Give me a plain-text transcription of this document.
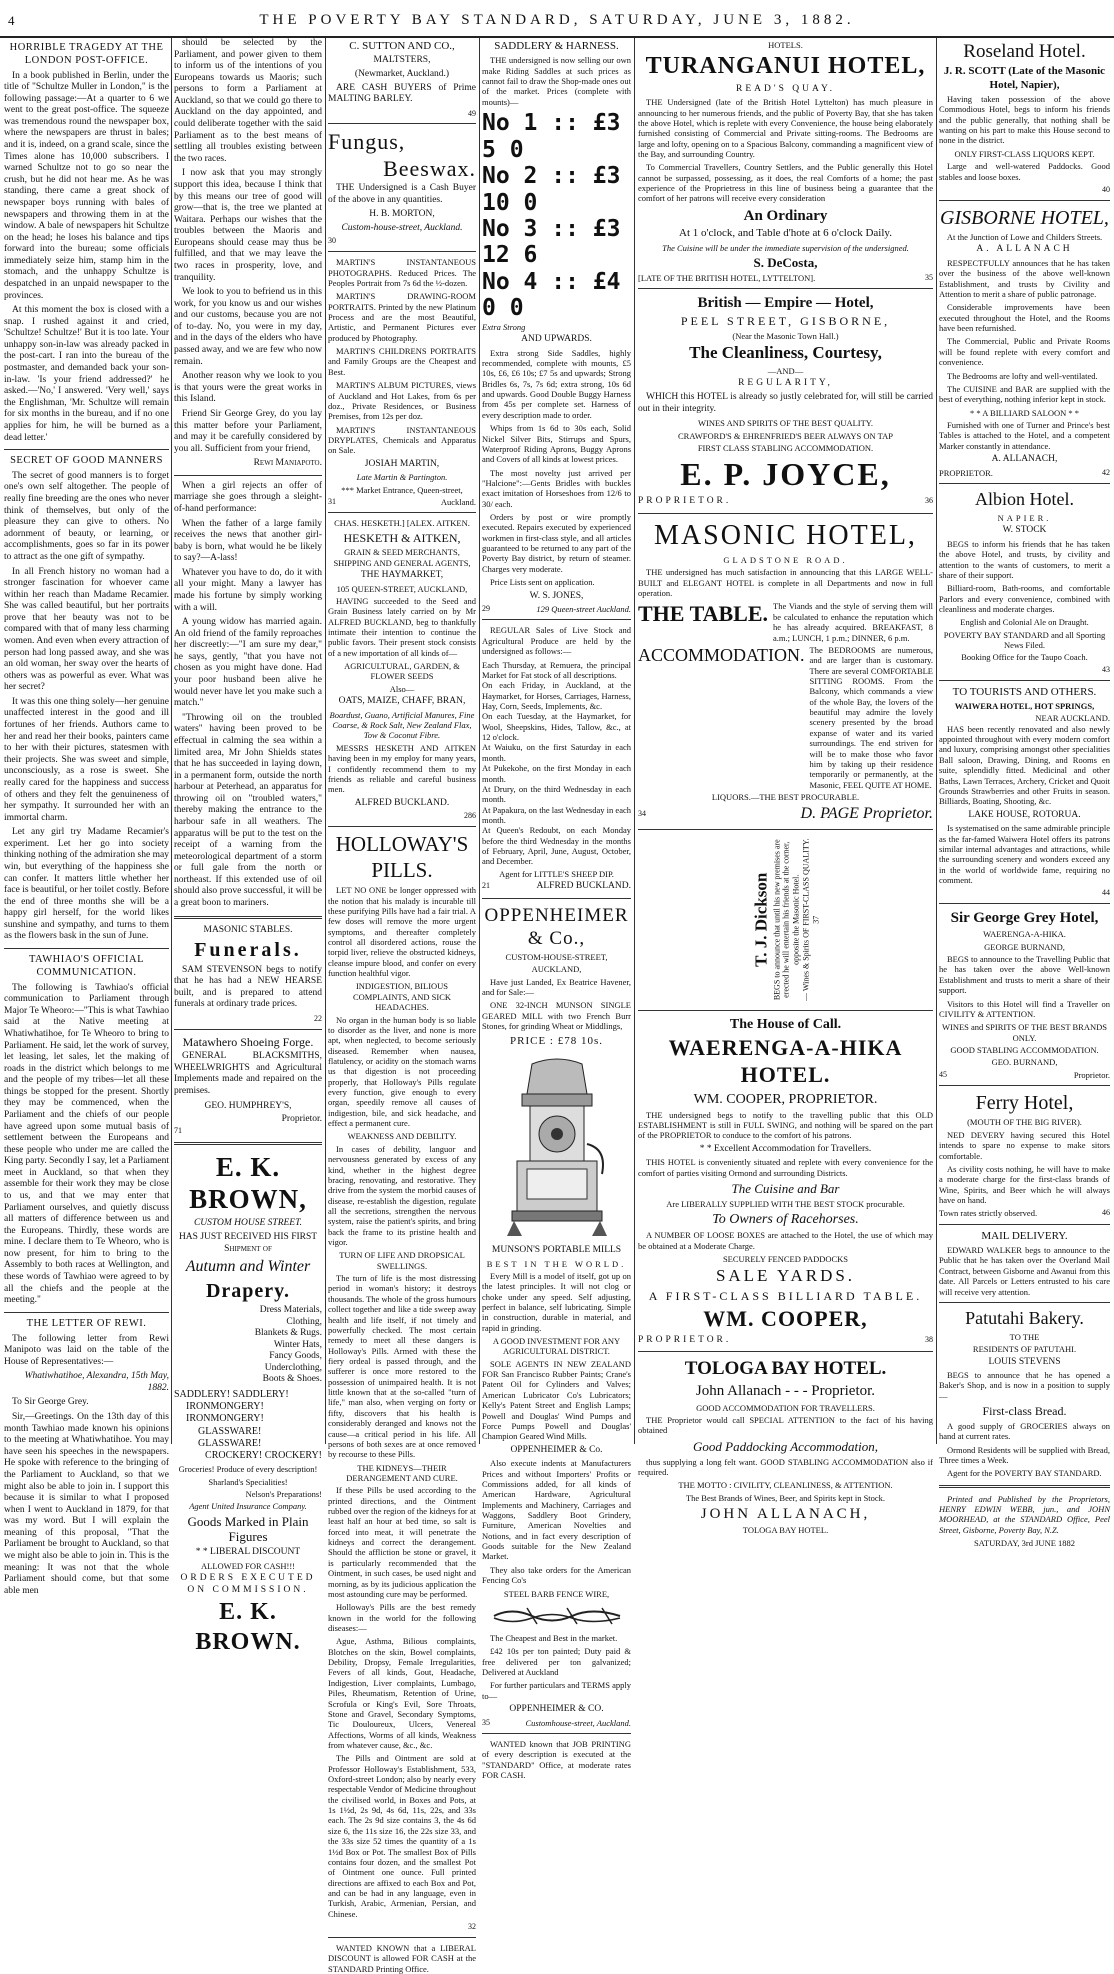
4	THE POVERTY BAY STANDARD, SATURDAY, JUNE 3, 1882.
HORRIBLE TRAGEDY AT THE LONDON POST-OFFICE.

In a book published in Berlin, under the title of "Schultze Muller in London," is the following passage:—At a quarter to 6 we went to the great post-office. The squeeze was tremendous round the newspaper box, where the newspapers are thrust in bales; and it is, indeed, on a grand scale, since the Times alone has 10,000 subscribers. I warned Schultze not to go so near the crush, but he did not hear me. As he was standing, there came a great shock of newspaper boys running with bales of newspapers and throwing them in at the window. A bale of newspapers hit Schultze on the head; he loses his balance and tips forward into the bureau; some officials immediately seize him, stamp him in the stomach, and the unhappy Schultze is despatched in an unpaid newspaper to the provinces.

At this moment the box is closed with a snap. I rushed against it and cried, 'Schultze! Schultze!' But it is too late. Your unhappy son-in-law was already packed in the post-cart. I ran into the bureau of the postmaster, and demanded back your son-in-law. 'Is your friend addressed?' he asked.—'No,' I answered. 'Very well,' says the Englishman, 'Mr. Schultze will remain for six months in the bureau, and if no one applies for him, he will be burned as a dead letter.'

SECRET OF GOOD MANNERS

The secret of good manners is to forget one's own self altogether. The people of really fine breeding are the ones who never think of themselves, but only of the pleasure they can give to others. No adornment of beauty, or learning, or accomplishments, goes so far in its power to attract as the one gift of sympathy.

In all French history no woman had a stronger fascination for whoever came within her reach than Madame Recamier. She was called beautiful, but her portraits prove that her beauty was not to be compared with that of many less charming women. And even when every attraction of person had long passed away, and she was an old woman, her sway over the hearts of others was as powerful as ever. What was her secret?

It was this one thing solely—her genuine unaffected interest in the good and ill fortunes of her friends. Authors came to her and read her their books, painters came to her with their pictures, statesmen with their projects. She was sweet and simple, unconsciously, as a rose is sweet. She really cared for the happiness and success of others and they felt the genuineness of her sympathy. It surrounded her with an immortal charm.

Let any girl try Madame Recamier's experiment. Let her go into society thinking nothing of the admiration she may win, but everything of the happiness she can confer. It matters little whether her face is beautiful, or her toilet costly. Before the end of three months she will be a happy girl herself, for the world likes sunshine and sympathy, and turns to them as the flowers bask in the sun of June.

TAWHIAO'S OFFICIAL COMMUNICATION.

The following is Tawhiao's official communication to Parliament through Major Te Wheoro:—"This is what Tawhiao said at the Native meeting at Whatiwhatihoe, for Te Wheoro to bring to Parliament. He said, let the work of survey, let leasing, let sales, let the making of roads in the district which belongs to me and the people of my tribes—let all these things be stopped for the present. Shortly they may be commenced, when the Parliament and the chiefs of our people have agreed upon some mutual basis of settlement between the Europeans and these people who under me are called the King party. Secondly I say, let a Parliament meet in Auckland, so that when they assemble for their work they may be close to us, and that we may enter that Parliament ourselves, and quietly discuss all matters of difference between us and the Europeans. Thirdly, these words are mine. I declare them to Te Wheoro, who is now present, for him to bring to the Assembly to both races at Wellington, and these words of Tawhiao were agreed to by all the chiefs and the people at the meeting."

THE LETTER OF REWI.

The following letter from Rewi Manipoto was laid on the table of the House of Representatives:—

Whatiwhatihoe, Alexandra, 15th May, 1882.

To Sir George Grey.

Sir,—Greetings. On the 13th day of this month Tawhiao made known his opinions to the meeting at Whatiwhatihoe. You may have seen his speeches in the newspapers. He spoke with reference to the bringing of the Parliament to Auckland, so that we might also be able to join in. I support this because it is similar to what I proposed when I went to Auckland in 1879, for that was my word. But I will explain the meaning of this proposal, "That the Parliament be brought to Auckland, so that we might also be able to join in. This is the meaning: It was not that the whole Parliament should come, but that some able men

should be selected by the Parliament, and power given to them to inform us of the intentions of you Europeans towards us Maoris; such persons to form a Parliament at Auckland, so that we could go there to Auckland on the day appointed, and could deliberate together with the said Parliament as to the best means of settling all troubles existing between the two races.

I now ask that you may strongly support this idea, because I think that by this means our tree of good will grow—that is, the tree we planted at Waitara. Perhaps our wishes that the troubles between the Maoris and Europeans should cease may thus be fulfilled, and that we may leave the two races in prosperity, love, and tranquility.

We look to you to befriend us in this work, for you know us and our wishes and our customs, because you are not of to-day. No, you were in my day, and in the days of the elders who have passed away, and we are few who now remain.

Another reason why we look to you is that yours were the great works in this Island.

Friend Sir George Grey, do you lay this matter before your Parliament, and may it be carefully considered by you all. Sufficient from your friend,

Rewi Maniapoto.

When a girl rejects an offer of marriage she goes through a sleight-of-hand performance:

When the father of a large family receives the news that another girl-baby is born, what would he be likely to say?—A-lass!

Whatever you have to do, do it with all your might. Many a lawyer has made his fortune by simply working with a will.

A young widow has married again. An old friend of the family reproaches her discreetly:—"I am sure my dear," he says, gently, "that you have not chosen as you might have done. Had your poor husband been alive he would never have let you make such a match."

"Throwing oil on the troubled waters" having been proved to be effectual in calming the sea within a limited area, Mr John Shields states that he has succeeded in laying down, in a permanent form, outside the north harbour at Peterhead, an apparatus for throwing oil on "troubled waters," thereby making the entrance to the harbour safe in all weathers. The apparatus will be put to the test on the receipt of a warning from the meteorological department of a storm or full gale from the north or northeast. If this extended use of oil should also prove successful, it will be a great boon to mariners.

MASONIC STABLES.
Funerals.

SAM STEVENSON begs to notify that he has had a NEW HEARSE built, and is prepared to attend funerals at ordinary trade prices.

22
Matawhero Shoeing Forge.

GENERAL BLACKSMITHS, WHEELWRIGHTS and Agricultural Implements made and repaired on the premises.

GEO. HUMPHREY'S,
Proprietor.
71
E. K. BROWN,
CUSTOM HOUSE STREET.
HAS JUST RECEIVED HIS FIRST Shipment of
Autumn and Winter
Drapery.
Dress Materials,
Clothing,
Blankets & Rugs.
Winter Hats,
Fancy Goods,
Underclothing,
Boots & Shoes.
SADDLERY! SADDLERY!
IRONMONGERY! IRONMONGERY!
GLASSWARE! GLASSWARE!
CROCKERY! CROCKERY!
Groceries! Produce of every description!
Sharland's Specialities!
Nelson's Preparations!
Agent United Insurance Company.
Goods Marked in Plain Figures
* * LIBERAL DISCOUNT
ALLOWED FOR CASH!!!
ORDERS EXECUTED ON COMMISSION.
E. K. BROWN.
C. SUTTON AND CO.,
MALTSTERS,
(Newmarket, Auckland.)

ARE CASH BUYERS of Prime MALTING BARLEY.

49
Fungus,
Beeswax.

THE Undersigned is a Cash Buyer of the above in any quantities.

H. B. MORTON,
Custom-house-street, Auckland.
30

MARTIN'S INSTANTANEOUS PHOTOGRAPHS. Reduced Prices. The Peoples Portrait from 7s 6d the ½-dozen.

MARTIN'S DRAWING-ROOM PORTRAITS. Printed by the new Platinum Process and are the most Beautiful, Artistic, and Permanent Pictures ever produced by Photography.

MARTIN'S CHILDRENS PORTRAITS and Family Groups are the Cheapest and Best.

MARTIN'S ALBUM PICTURES, views of Auckland and Hot Lakes, from 6s per doz., Private Residences, or Business Premises, from 12s per doz.

MARTIN'S INSTANTANEOUS DRYPLATES, Chemicals and Apparatus on Sale.

JOSIAH MARTIN,
Late Martin & Partington.
*** Market Entrance, Queen-street,
31	Auckland.
CHAS. HESKETH.] [ALEX. AITKEN.
HESKETH & AITKEN,
GRAIN & SEED MERCHANTS, SHIPPING AND GENERAL AGENTS,
THE HAYMARKET,
105 QUEEN-STREET, AUCKLAND,

HAVING succeeded to the Seed and Grain Business lately carried on by Mr ALFRED BUCKLAND, beg to thankfully intimate their intention to continue the public favors. Their present stock consists of a new importation of all kinds of—

AGRICULTURAL, GARDEN, & FLOWER SEEDS
Also—
OATS, MAIZE, CHAFF, BRAN,
Boardust, Guano, Artificial Manures, Fine Coarse, & Rock Salt, New Zealand Flax, Tow & Coconut Fibre.

MESSRS HESKETH AND AITKEN having been in my employ for many years, I confidently recommend them to my friends as reliable and careful business men.

ALFRED BUCKLAND.
286
HOLLOWAY'S PILLS.

LET NO ONE be longer oppressed with the notion that his malady is incurable till these purifying Pills have had a fair trial. A few doses will remove the more urgent symptoms, and thereafter completely control all disordered actions, rouse the torpid liver, relieve the obstructed kidneys, cleanse impure blood, and confer on every function healthful vigor.

INDIGESTION, BILIOUS COMPLAINTS, AND SICK HEADACHES.

No organ in the human body is so liable to disorder as the liver, and none is more apt, when neglected, to become seriously diseased. Remember when nausea, flatulency, or acidity on the stomach warns us that digestion is not proceeding properly, that Holloway's Pills regulate every function, give enough to every organ, speedily remove all causes of indigestion, bile, and sick headache, and effect a permanent cure.

WEAKNESS AND DEBILITY.

In cases of debility, languor and nervousness generated by excess of any kind, whether in the highest degree bracing, renovating, and restorative. They drive from the system the morbid causes of disease, re-establish the digestion, regulate all the secretions, strengthen the nervous system, raise the patient's spirits, and bring back the frame to its pristine health and vigor.

TURN OF LIFE AND DROPSICAL SWELLINGS.

The turn of life is the most distressing period in woman's history; it destroys thousands. The whole of the gross humours collect together and like a tide sweep away health and life itself, if not timely and powerfully checked. The most certain remedy to meet all these dangers is Holloway's Pills. Armed with these the fiery ordeal is passed through, and the sufferer is once more restored to the possession of unimpaired health. It is not little known that at the so-called "turn of life," man also, when verging on forty or fifty, discovers that his health is considerably deranged and knows not the cause—a critical period in his life. All persons of both sexes are at once removed by recourse to these Pills.

THE KIDNEYS—THEIR DERANGEMENT AND CURE.

If these Pills be used according to the printed directions, and the Ointment rubbed over the region of the kidneys for at least half an hour at bed time, so salt is forced into meat, it will penetrate the kidneys and correct the derangement. Should the affliction be stone or gravel, it is particularly recommended that the Ointment, in such cases, be used night and morning, as by its judicious application the most astounding cure may be performed.

Holloway's Pills are the best remedy known in the world for the following diseases:—

Ague, Asthma, Bilious complaints, Blotches on the skin, Bowel complaints, Debility, Dropsy, Female Irregularities, Fevers of all kinds, Gout, Headache, Indigestion, Liver complaints, Lumbago, Piles, Rheumatism, Retention of Urine, Scrofula or King's Evil, Sore Throats, Stone and Gravel, Secondary Symptoms, Tic Douloureux, Ulcers, Venereal Affections, Worms of all kinds, Weakness from whatever cause, &c., &c.

The Pills and Ointment are sold at Professor Holloway's Establishment, 533, Oxford-street London; also by nearly every respectable Vendor of Medicine throughout the civilised world, in Boxes and Pots, at 1s 1½d, 2s 9d, 4s 6d, 11s, 22s, and 33s each. The 2s 9d size contains 3, the 4s 6d size 6, the 11s size 16, the 22s size 33, and the 33s size 52 times the quantity of a 1s 1½d Box or Pot. The smallest Box of Pills contains four dozen, and the smallest Pot of Ointment one ounce. Full printed directions are affixed to each Box and Pot, and can be had in any language, even in Turkish, Arabic, Armenian, Persian, and Chinese.

32

WANTED KNOWN that a LIBERAL DISCOUNT is allowed FOR CASH at the STANDARD Printing Office.

SADDLERY & HARNESS.

THE undersigned is now selling our own make Riding Saddles at such prices as cannot fail to draw the Shop-made ones out of the market. Prices (complete with mounts)—

No 1 :: £3 5 0
No 2 :: £3 10 0
No 3 :: £3 12 6
No 4 :: £4 0 0
Extra Strong
AND UPWARDS.

Extra strong Side Saddles, highly recommended, complete with mounts, £5 10s, £6, £6 10s; £7 5s and upwards; Strong Bridles 6s, 7s, 7s 6d; extra strong, 10s 6d and upwards. Good Double Buggy Harness from 45s per complete set. Harness of every description made to order.

Whips from 1s 6d to 30s each, Solid Nickel Silver Bits, Stirrups and Spurs, Waterproof Riding Aprons, Buggy Aprons and Covers of all kinds at lowest prices.

The most novelty just arrived per "Halcione":—Gents Bridles with buckles exact imitation of Horseshoes from 12/6 to 30/ each.

Orders by post or wire promptly executed. Repairs executed by experienced workmen in first-class style, and all articles guaranteed to be returned to any part of the Poverty Bay district, by return of steamer. Charges very moderate.

Price Lists sent on application.

W. S. JONES,
29	129 Queen-street Auckland.

REGULAR Sales of Live Stock and Agricultural Produce are held by the undersigned as follows:—

Each Thursday, at Remuera, the principal Market for Fat stock of all descriptions.
On each Friday, in Auckland, at the Haymarket, for Horses, Carriages, Harness, Hay, Corn, Seeds, Implements, &c.
On each Tuesday, at the Haymarket, for Wool, Sheepskins, Hides, Tallow, &c., at 12 o'clock.
At Waiuku, on the first Saturday in each month.
At Pukekohe, on the first Monday in each month.
At Drury, on the third Wednesday in each month.
At Papakura, on the last Wednesday in each month.
At Queen's Redoubt, on each Monday before the third Wednesday in the months of February, April, June, August, October, and December.
Agent for LITTLE'S SHEEP DIP.
21	ALFRED BUCKLAND.
OPPENHEIMER & Co.,
CUSTOM-HOUSE-STREET,
AUCKLAND,

Have just Landed, Ex Beatrice Havener, and for Sale:—

ONE 32-INCH MUNSON SINGLE GEARED MILL with two French Burr Stones, for grinding Wheat or Middlings,

PRICE : £78 10s.
MUNSON'S PORTABLE MILLS
BEST IN THE WORLD.

Every Mill is a model of itself, got up on the latest principles. It will not clog or choke under any speed. Self adjusting, perfect in balance, self lubricating. Simple in construction, durable in material, and rapid in grinding.

A GOOD INVESTMENT FOR ANY AGRICULTURAL DISTRICT.

SOLE AGENTS IN NEW ZEALAND FOR San Francisco Rubber Paints; Crane's Patent Oil for Cylinders and Valves; American Lubricator Co's Lubricators; Kelly's Patent Street and English Lamps; Powell and Douglas' Wind Pumps and Force Pumps Powell and Douglas' Champion Geared Wind Mills.

OPPENHEIMER & Co.

Also execute indents at Manufacturers Prices and without Importers' Profits or Commissions added, for all kinds of American Hardware, Agricultural Implements and Machinery, Carriages and Waggons, Saddlery Boot Grindery, Furniture, American Novelties and Notions, and in fact every description of Goods suitable for the New Zealand Market.

They also take orders for the American Fencing Co's

STEEL BARB FENCE WIRE,

The Cheapest and Best in the market.

£42 10s per ton painted; Duty paid & free delivered per ton galvanized; Delivered at Auckland

For further particulars and TERMS apply to—

OPPENHEIMER & CO.
35	Customhouse-street, Auckland.

WANTED known that JOB PRINTING of every description is executed at the "STANDARD" Office, at moderate rates FOR CASH.

HOTELS.
TURANGANUI HOTEL,
READ'S QUAY.

THE Undersigned (late of the British Hotel Lyttelton) has much pleasure in announcing to her numerous friends, and the public of Poverty Bay, that she has taken the above Hotel, which is replete with every Convenience, the house being elaborately furnished consisting of Commercial and Private sitting-rooms. The Bedrooms are large and lofty, opening on to a Spacious Balcony, commanding a magnificent view of the Bay, and surrounding Country.

To Commercial Travellers, Country Settlers, and the Public generally this Hotel cannot be surpassed, possessing, as it does, the real Comforts of a home; the past experience of the Proprietress in this line of business being a guarantee that the comfort of her patrons will receive every consideration

An Ordinary
At 1 o'clock, and Table d'hote at 6 o'clock Daily.
The Cuisine will be under the immediate supervision of the undersigned.
S. DeCosta,
[LATE OF THE BRITISH HOTEL, LYTTELTON].	35
British — Empire — Hotel,
PEEL STREET, GISBORNE,
(Near the Masonic Town Hall.)
The Cleanliness, Courtesy,
—AND—
REGULARITY,

WHICH this HOTEL is already so justly celebrated for, will still be carried out in their integrity.

WINES AND SPIRITS OF THE BEST QUALITY.
CRAWFORD'S & EHRENFRIED'S BEER ALWAYS ON TAP
FIRST CLASS STABLING ACCOMMODATION.
E. P. JOYCE,
PROPRIETOR.	36
MASONIC HOTEL,
GLADSTONE ROAD.

THE undersigned has much satisfaction in announcing that this LARGE WELL-BUILT and ELEGANT HOTEL is complete in all Departments and now in full operation.

THE TABLE. The Viands and the style of serving them will be calculated to enhance the reputation which he has already acquired. BREAKFAST, 8 a.m.; LUNCH, 1 p.m.; DINNER, 6 p.m.
ACCOMMODATION. The BEDROOMS are numerous, and are larger than is customary. There are several COMFORTABLE SITTING ROOMS. From the Balcony, which commands a view of the whole Bay, the lovers of the beautiful may admire the lovely scenery presented by the broad expanse of water and its varied surroundings. The end striven for will be to make those who favor him by taking up their residence temporarily or permanently, at the Masonic, FEEL QUITE AT HOME.
LIQUORS.—THE BEST PROCURABLE.
34	D. PAGE Proprietor.
T. J. Dickson BEGS to announce that until his new premises are erected he will entertain his friends at the corner, opposite the Masonic Hotel. — Wines & Spirits OF FIRST-CLASS QUALITY. 37
The House of Call.
WAERENGA-A-HIKA HOTEL.
WM. COOPER, PROPRIETOR.

THE undersigned begs to notify to the travelling public that this OLD ESTABLISHMENT is still in FULL SWING, and nothing will be spared on the part of the PROPRIETOR to conduce to the comfort of his patrons.

* * Excellent Accommodation for Travellers.

THIS HOTEL is conveniently situated and replete with every convenience for the comfort of parties visiting Ormond and surrounding Districts.

The Cuisine and Bar
Are LIBERALLY SUPPLIED WITH THE BEST STOCK procurable.
To Owners of Racehorses.

A NUMBER OF LOOSE BOXES are attached to the Hotel, the use of which may be obtained at a Moderate Charge.

SECURELY FENCED PADDOCKS
SALE YARDS.
A FIRST-CLASS BILLIARD TABLE.
WM. COOPER,
PROPRIETOR.	38
TOLOGA BAY HOTEL.
John Allanach - - - Proprietor.
GOOD ACCOMMODATION FOR TRAVELLERS.

THE Proprietor would call SPECIAL ATTENTION to the fact of his having obtained

Good Paddocking Accommodation,

thus supplying a long felt want. GOOD STABLING ACCOMMODATION also if required.

THE MOTTO : CIVILITY, CLEANLINESS, & ATTENTION.
The Best Brands of Wines, Beer, and Spirits kept in Stock.
JOHN ALLANACH,
TOLOGA BAY HOTEL.
Roseland Hotel.
J. R. SCOTT (Late of the Masonic Hotel, Napier),

Having taken possession of the above Commodious Hotel, begs to inform his friends and the public generally, that nothing shall be wanting on his part to make this House second to none in the district.

ONLY FIRST-CLASS LIQUORS KEPT.

Large and well-watered Paddocks. Good stables and loose boxes.

40
GISBORNE HOTEL,
At the Junction of Lowe and Childers Streets.
A. ALLANACH

RESPECTFULLY announces that he has taken over the business of the above well-known Establishment, and trusts by Civility and Attention to merit a share of public patronage.

Considerable improvements have been executed throughout the Hotel, and the Rooms have been refurnished.

The Commercial, Public and Private Rooms will be found replete with every comfort and convenience.

The Bedrooms are lofty and well-ventilated.

The CUISINE and BAR are supplied with the best of everything, nothing inferior kept in stock.

* * A BILLIARD SALOON * *

Furnished with one of Turner and Prince's best Tables is attached to the Hotel, and a competent Marker constantly in attendance.

A. ALLANACH,
PROPRIETOR.	42
Albion Hotel.
NAPIER.
W. STOCK

BEGS to inform his friends that he has taken the above Hotel, and trusts, by civility and attention to the wants of customers, to merit a share of their support.

Billiard-room, Bath-rooms, and comfortable Parlors and every convenience, combined with cleanliness and moderate charges.

English and Colonial Ale on Draught.
POVERTY BAY STANDARD and all Sporting News Filed.
Booking Office for the Taupo Coach.
43
TO TOURISTS AND OTHERS.
WAIWERA HOTEL, HOT SPRINGS,
NEAR AUCKLAND.

HAS been recently renovated and also newly appointed throughout with every modern comfort and luxury, comprising amongst other specialities Ball saloon, Drawing, Dining, and Rooms en suite, splendidly fitted. Medicinal and other Baths, Lawn Terraces, Archery, Cricket and Quoit Grounds Strawberries and other Fruits in season. Billiards, Boating, Shooting, &c.

LAKE HOUSE, ROTORUA.

Is systematised on the same admirable principle as the far-famed Waiwera Hotel offers its patrons similar internal advantages and attractions, while the surrounding scenery and wonders exceed any in the world of worldwide fame, requiring no comment.

44
Sir George Grey Hotel,
WAERENGA-A-HIKA.
GEORGE BURNAND,

BEGS to announce to the Travelling Public that he has taken over the above Well-known Establishment and trusts to merit a share of their support.

Visitors to this Hotel will find a Traveller on CIVILITY & ATTENTION.

WINES and SPIRITS OF THE BEST BRANDS ONLY.
GOOD STABLING ACCOMMODATION.
GEO. BURNAND,
45	Proprietor.
Ferry Hotel,
(MOUTH OF THE BIG RIVER).

NED DEVERY having secured this Hotel intends to spare no expense to make sitors comfortable.

As civility costs nothing, he will have to make a moderate charge for the first-class brands of Wine, Spirits, and Beer which he will always have on hand.

Town rates strictly observed.	46
MAIL DELIVERY.

EDWARD WALKER begs to announce to the Public that he has taken over the Overland Mail Contract, between Gisborne and Awanui from this date. All Parcels or Letters entrusted to his care will receive very attention.

Patutahi Bakery.
TO THE
RESIDENTS OF PATUTAHI.
LOUIS STEVENS

BEGS to announce that he has opened a Baker's Shop, and is now in a position to supply—

First-class Bread.

A good supply of GROCERIES always on hand at current rates.

Ormond Residents will be supplied with Bread, Three times a Week.

Agent for the POVERTY BAY STANDARD.

Printed and Published by the Proprietors, HENRY EDWIN WEBB, jun., and JOHN MOORHEAD, at the STANDARD Office, Peel Street, Gisborne, Poverty Bay, N.Z.

SATURDAY, 3rd JUNE 1882
